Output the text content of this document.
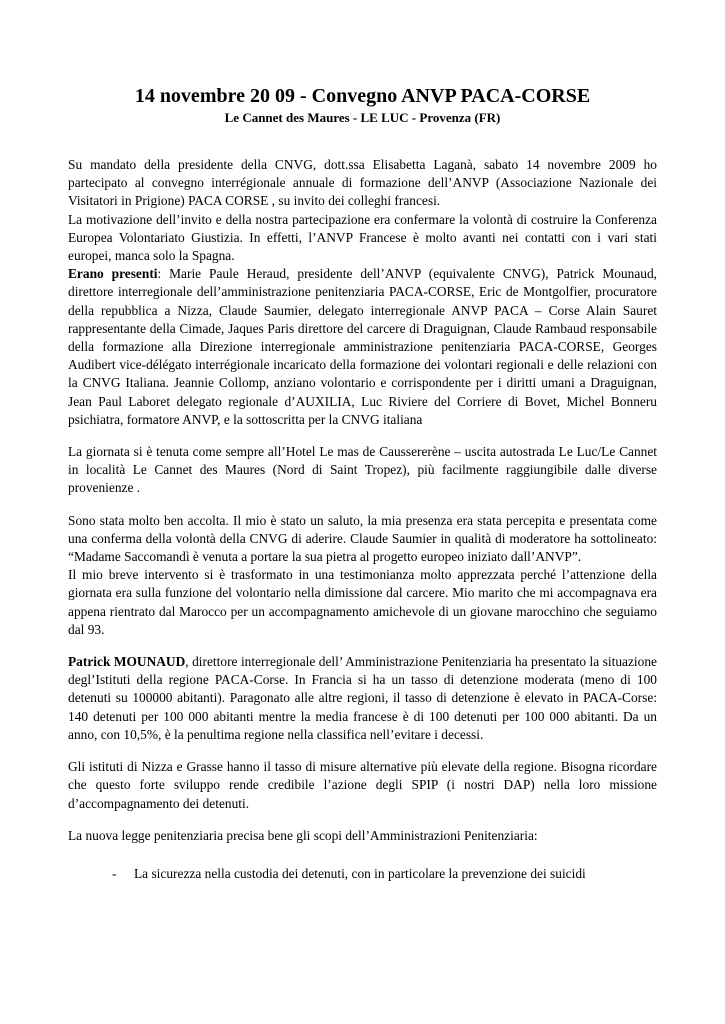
14 novembre 20 09 - Convegno ANVP PACA-CORSE

Le Cannet des Maures - LE LUC - Provenza (FR)

Su mandato della presidente della CNVG, dott.ssa Elisabetta Laganà, sabato 14 novembre 2009 ho partecipato al convegno interrégionale annuale di formazione dell’ANVP (Associazione Nazionale dei Visitatori in Prigione) PACA CORSE , su invito dei colleghi francesi.

La motivazione dell’invito e della nostra partecipazione era confermare la volontà di costruire la Conferenza Europea Volontariato Giustizia. In effetti, l’ANVP Francese è molto avanti nei contatti con i vari stati europei, manca solo la Spagna.

Erano presenti: Marie Paule Heraud, presidente dell’ANVP (equivalente CNVG), Patrick Mounaud, direttore interregionale dell’amministrazione penitenziaria PACA-CORSE, Eric de Montgolfier, procuratore della repubblica a Nizza, Claude Saumier, delegato interregionale ANVP PACA – Corse Alain Sauret rappresentante della Cimade, Jaques Paris direttore del carcere di Draguignan, Claude Rambaud responsabile della formazione alla Direzione interregionale amministrazione penitenziaria PACA-CORSE, Georges Audibert vice-délégato interrégionale incaricato della formazione dei volontari regionali e delle relazioni con la CNVG Italiana. Jeannie Collomp, anziano volontario e corrispondente per i diritti umani a Draguignan, Jean Paul Laboret delegato regionale d’AUXILIA, Luc Riviere del Corriere di Bovet, Michel Bonneru psichiatra, formatore ANVP, e la sottoscritta per la CNVG italiana

La giornata si è tenuta come sempre all’Hotel Le mas de Caussererène – uscita autostrada Le Luc/Le Cannet in località Le Cannet des Maures (Nord di Saint Tropez), più facilmente raggiungibile dalle diverse provenienze .

Sono stata molto ben accolta. Il mio è stato un saluto, la mia presenza era stata percepita e presentata come una conferma della volontà della CNVG di aderire. Claude Saumier in qualità di moderatore ha sottolineato: “Madame Saccomandì è venuta a portare la sua pietra al progetto europeo iniziato dall’ANVP”.

Il mio breve intervento si è trasformato in una testimonianza molto apprezzata perché l’attenzione della giornata era sulla funzione del volontario nella dimissione dal carcere. Mio marito che mi accompagnava era appena rientrato dal Marocco per un accompagnamento amichevole di un giovane marocchino che seguiamo dal 93.

Patrick MOUNAUD, direttore interregionale dell’ Amministrazione Penitenziaria ha presentato la situazione degl’Istituti della regione PACA-Corse. In Francia si ha un tasso di detenzione moderata (meno di 100 detenuti su 100000 abitanti). Paragonato alle altre regioni, il tasso di detenzione è elevato in PACA-Corse: 140 detenuti per 100 000 abitanti mentre la media francese è di 100 detenuti per 100 000 abitanti. Da un anno, con 10,5%, è la penultima regione nella classifica nell’evitare i decessi.

Gli istituti di Nizza e Grasse hanno il tasso di misure alternative più elevate della regione. Bisogna ricordare che questo forte sviluppo rende credibile l’azione degli SPIP (i nostri DAP) nella loro missione d’accompagnamento dei detenuti.

La nuova legge penitenziaria precisa bene gli scopi dell’Amministrazioni Penitenziaria:

-	La sicurezza nella custodia dei detenuti, con in particolare la prevenzione dei suicidi
